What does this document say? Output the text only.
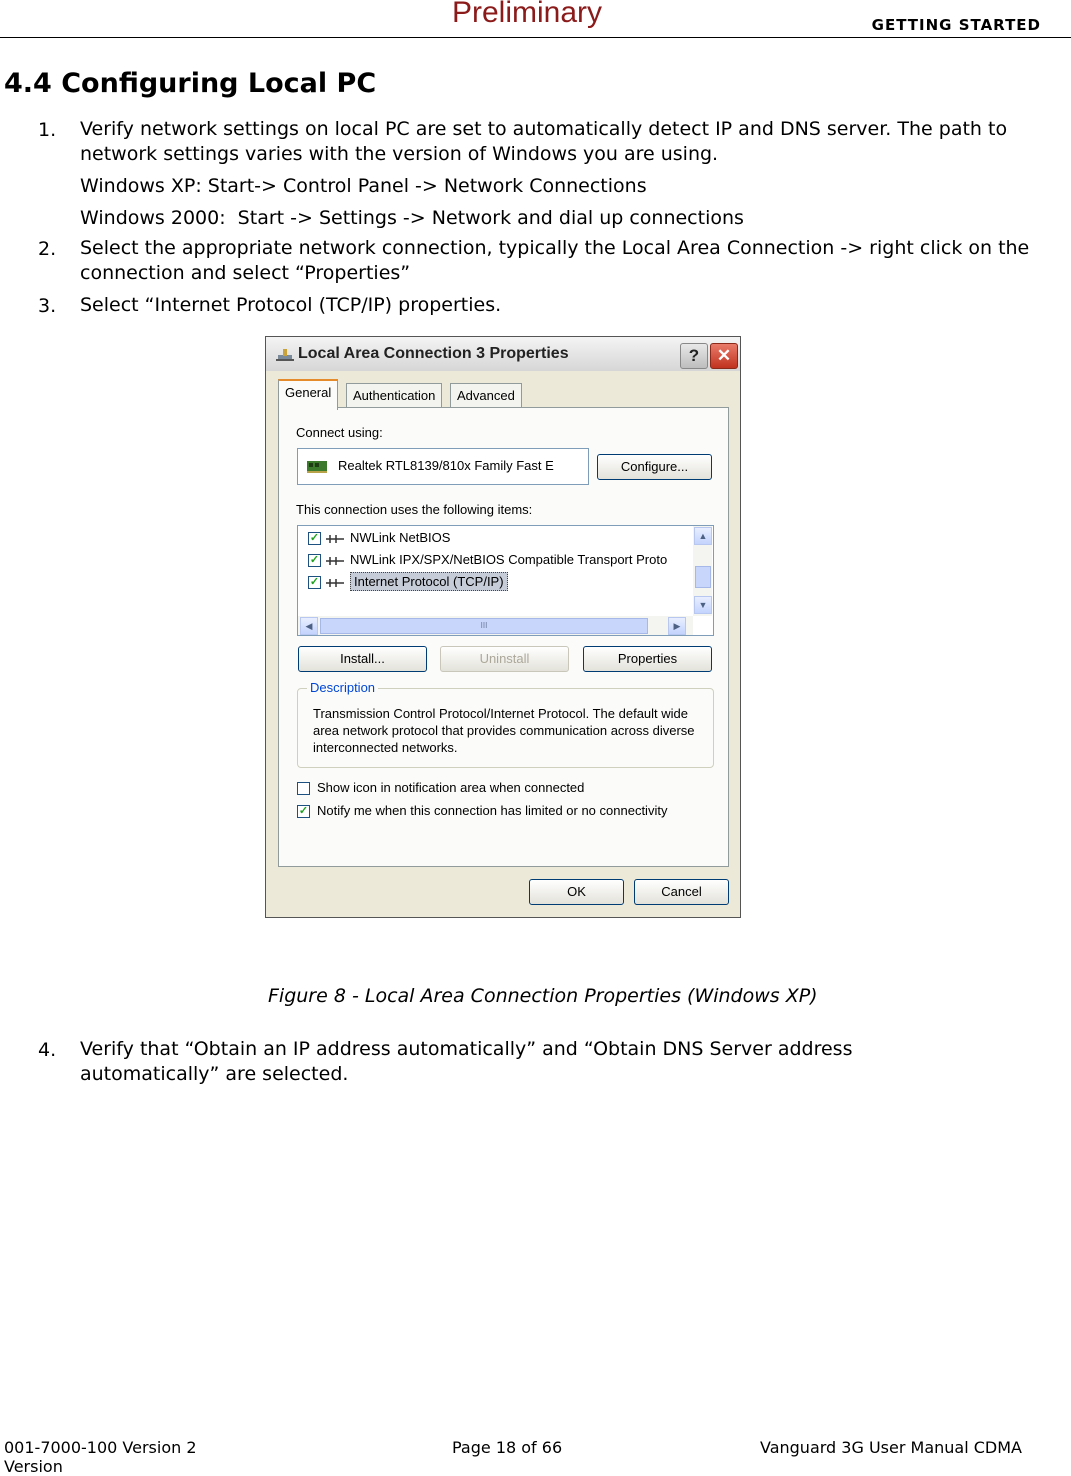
Preliminary	GETTING STARTED
4.4 Configuring Local PC
1. Verify network settings on local PC are set to automatically detect IP and DNS server. The path to network settings varies with the version of Windows you are using.
Windows XP: Start-> Control Panel -> Network Connections
Windows 2000:  Start -> Settings -> Network and dial up connections
2. Select the appropriate network connection, typically the Local Area Connection -> right click on the connection and select “Properties”
3. Select “Internet Protocol (TCP/IP) properties.
Local Area Connection 3 Properties	?	✕
General	Authentication	Advanced
Connect using:
Realtek RTL8139/810x Family Fast E	Configure...
This connection uses the following items:
✓ NWLink NetBIOS
✓ NWLink IPX/SPX/NetBIOS Compatible Transport Proto
✓	Internet Protocol (TCP/IP)
▲
▼
◀	III	▶
Install...	Uninstall	Properties
Description
Transmission Control Protocol/Internet Protocol. The default wide area network protocol that provides communication across diverse interconnected networks.
Show icon in notification area when connected
✓ Notify me when this connection has limited or no connectivity
OK	Cancel
Figure 8 - Local Area Connection Properties (Windows XP)
4. Verify that “Obtain an IP address automatically” and “Obtain DNS Server address automatically” are selected.
001-7000-100 Version 2	Page 18 of 66	Vanguard 3G User Manual CDMA
Version
